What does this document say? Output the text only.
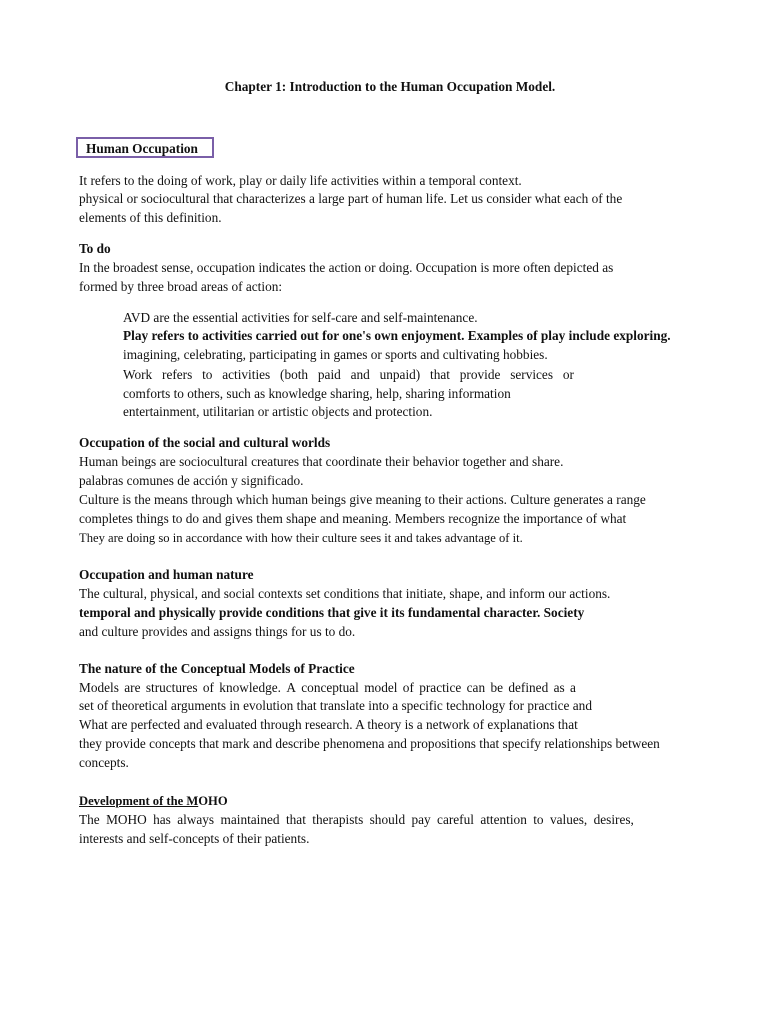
Chapter 1: Introduction to the Human Occupation Model.
Human Occupation
It refers to the doing of work, play or daily life activities within a temporal context.
physical or sociocultural that characterizes a large part of human life. Let us consider what each of the
elements of this definition.
To do
In the broadest sense, occupation indicates the action or doing. Occupation is more often depicted as
formed by three broad areas of action:
AVD are the essential activities for self-care and self-maintenance.
Play refers to activities carried out for one's own enjoyment. Examples of play include exploring.
imagining, celebrating, participating in games or sports and cultivating hobbies.
Work refers to activities (both paid and unpaid) that provide services or
comforts to others, such as knowledge sharing, help, sharing information
entertainment, utilitarian or artistic objects and protection.
Occupation of the social and cultural worlds
Human beings are sociocultural creatures that coordinate their behavior together and share.
palabras comunes de acción y significado.
Culture is the means through which human beings give meaning to their actions. Culture generates a range
completes things to do and gives them shape and meaning. Members recognize the importance of what
They are doing so in accordance with how their culture sees it and takes advantage of it.
Occupation and human nature
The cultural, physical, and social contexts set conditions that initiate, shape, and inform our actions.
temporal and physically provide conditions that give it its fundamental character. Society
and culture provides and assigns things for us to do.
The nature of the Conceptual Models of Practice
Models are structures of knowledge. A conceptual model of practice can be defined as a
set of theoretical arguments in evolution that translate into a specific technology for practice and
What are perfected and evaluated through research. A theory is a network of explanations that
they provide concepts that mark and describe phenomena and propositions that specify relationships between
concepts.
Development of the MOHO
The MOHO has always maintained that therapists should pay careful attention to values, desires,
interests and self-concepts of their patients.
